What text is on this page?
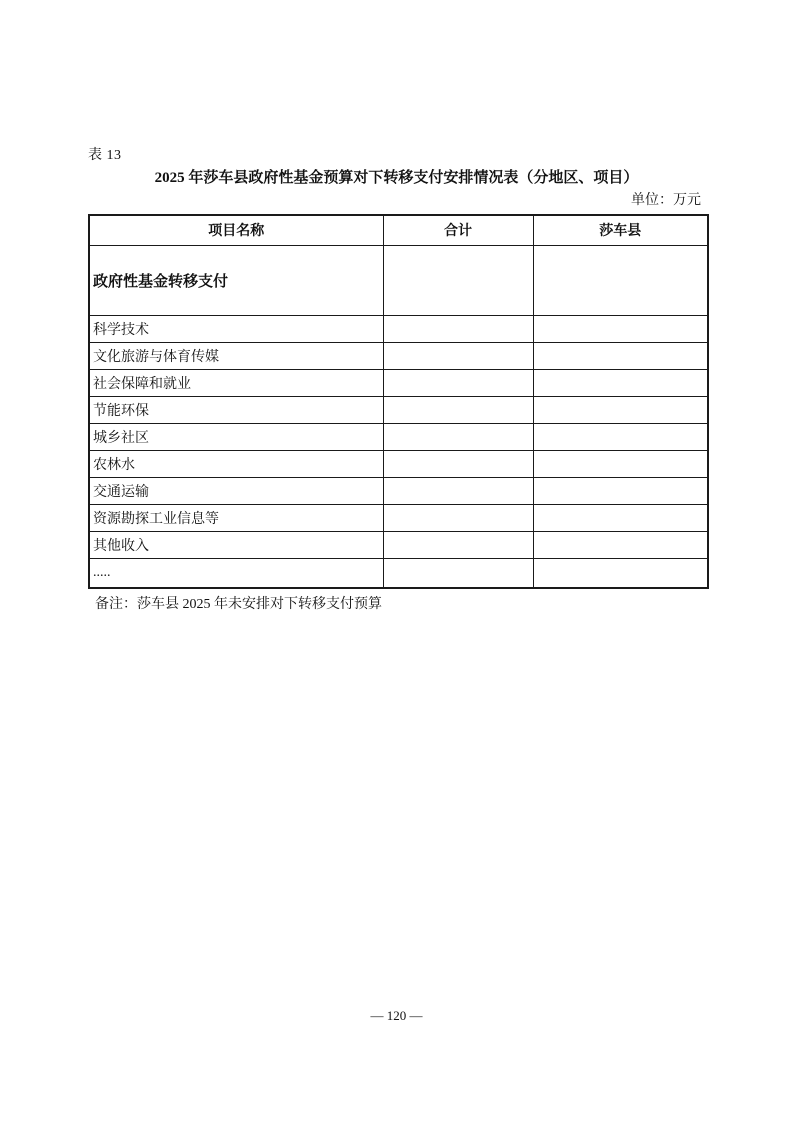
表 13
2025 年莎车县政府性基金预算对下转移支付安排情况表（分地区、项目）
单位：万元
项目名称	合计	莎车县
政府性基金转移支付		
科学技术		
文化旅游与体育传媒		
社会保障和就业		
节能环保		
城乡社区		
农林水		
交通运输		
资源勘探工业信息等		
其他收入		
.....		
备注：莎车县 2025 年未安排对下转移支付预算
— 120 —
